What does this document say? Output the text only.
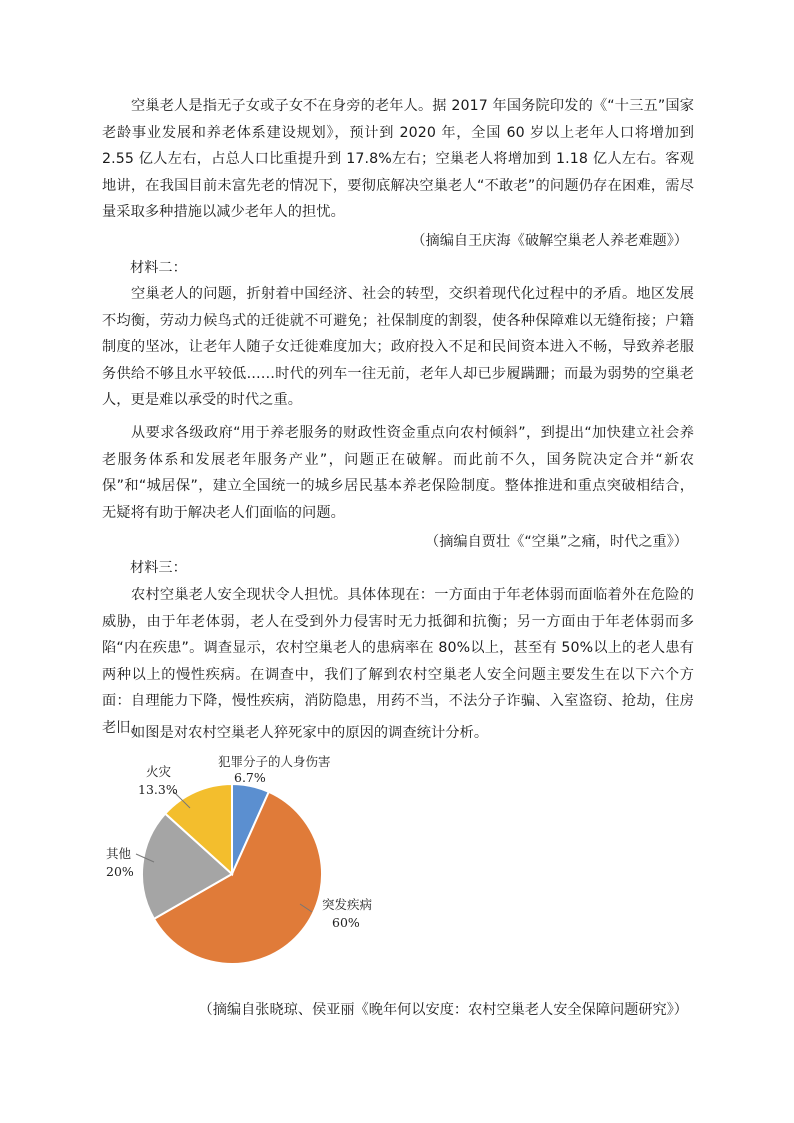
空巢老人是指无子女或子女不在身旁的老年人。据 2017 年国务院印发的《“十三五”国家老龄事业发展和养老体系建设规划》，预计到 2020 年，全国 60 岁以上老年人口将增加到 2.55 亿人左右，占总人口比重提升到 17.8%左右；空巢老人将增加到 1.18 亿人左右。客观地讲，在我国目前未富先老的情况下，要彻底解决空巢老人“不敢老”的问题仍存在困难，需尽量采取多种措施以减少老年人的担忧。

（摘编自王庆海《破解空巢老人养老难题》）
材料二：

空巢老人的问题，折射着中国经济、社会的转型，交织着现代化过程中的矛盾。地区发展不均衡，劳动力候鸟式的迁徙就不可避免；社保制度的割裂，使各种保障难以无缝衔接；户籍制度的坚冰，让老年人随子女迁徙难度加大；政府投入不足和民间资本进入不畅，导致养老服务供给不够且水平较低……时代的列车一往无前，老年人却已步履蹒跚；而最为弱势的空巢老人，更是难以承受的时代之重。

从要求各级政府“用于养老服务的财政性资金重点向农村倾斜”，到提出“加快建立社会养老服务体系和发展老年服务产业”，问题正在破解。而此前不久，国务院决定合并“新农保”和“城居保”，建立全国统一的城乡居民基本养老保险制度。整体推进和重点突破相结合，无疑将有助于解决老人们面临的问题。

（摘编自贾壮《“空巢”之痛，时代之重》）
材料三：

农村空巢老人安全现状令人担忧。具体体现在：一方面由于年老体弱而面临着外在危险的威胁，由于年老体弱，老人在受到外力侵害时无力抵御和抗衡；另一方面由于年老体弱而多陷“内在疾患”。调查显示，农村空巢老人的患病率在 80%以上，甚至有 50%以上的老人患有两种以上的慢性疾病。在调查中，我们了解到农村空巢老人安全问题主要发生在以下六个方面：自理能力下降，慢性疾病，消防隐患，用药不当，不法分子诈骗、入室盗窃、抢劫，住房老旧。

如图是对农村空巢老人猝死家中的原因的调查统计分析。

犯罪分子的人身伤害
6.7%
突发疾病
60%
其他
20%
火灾
13.3%
（摘编自张晓琼、侯亚丽《晚年何以安度：农村空巢老人安全保障问题研究》）
